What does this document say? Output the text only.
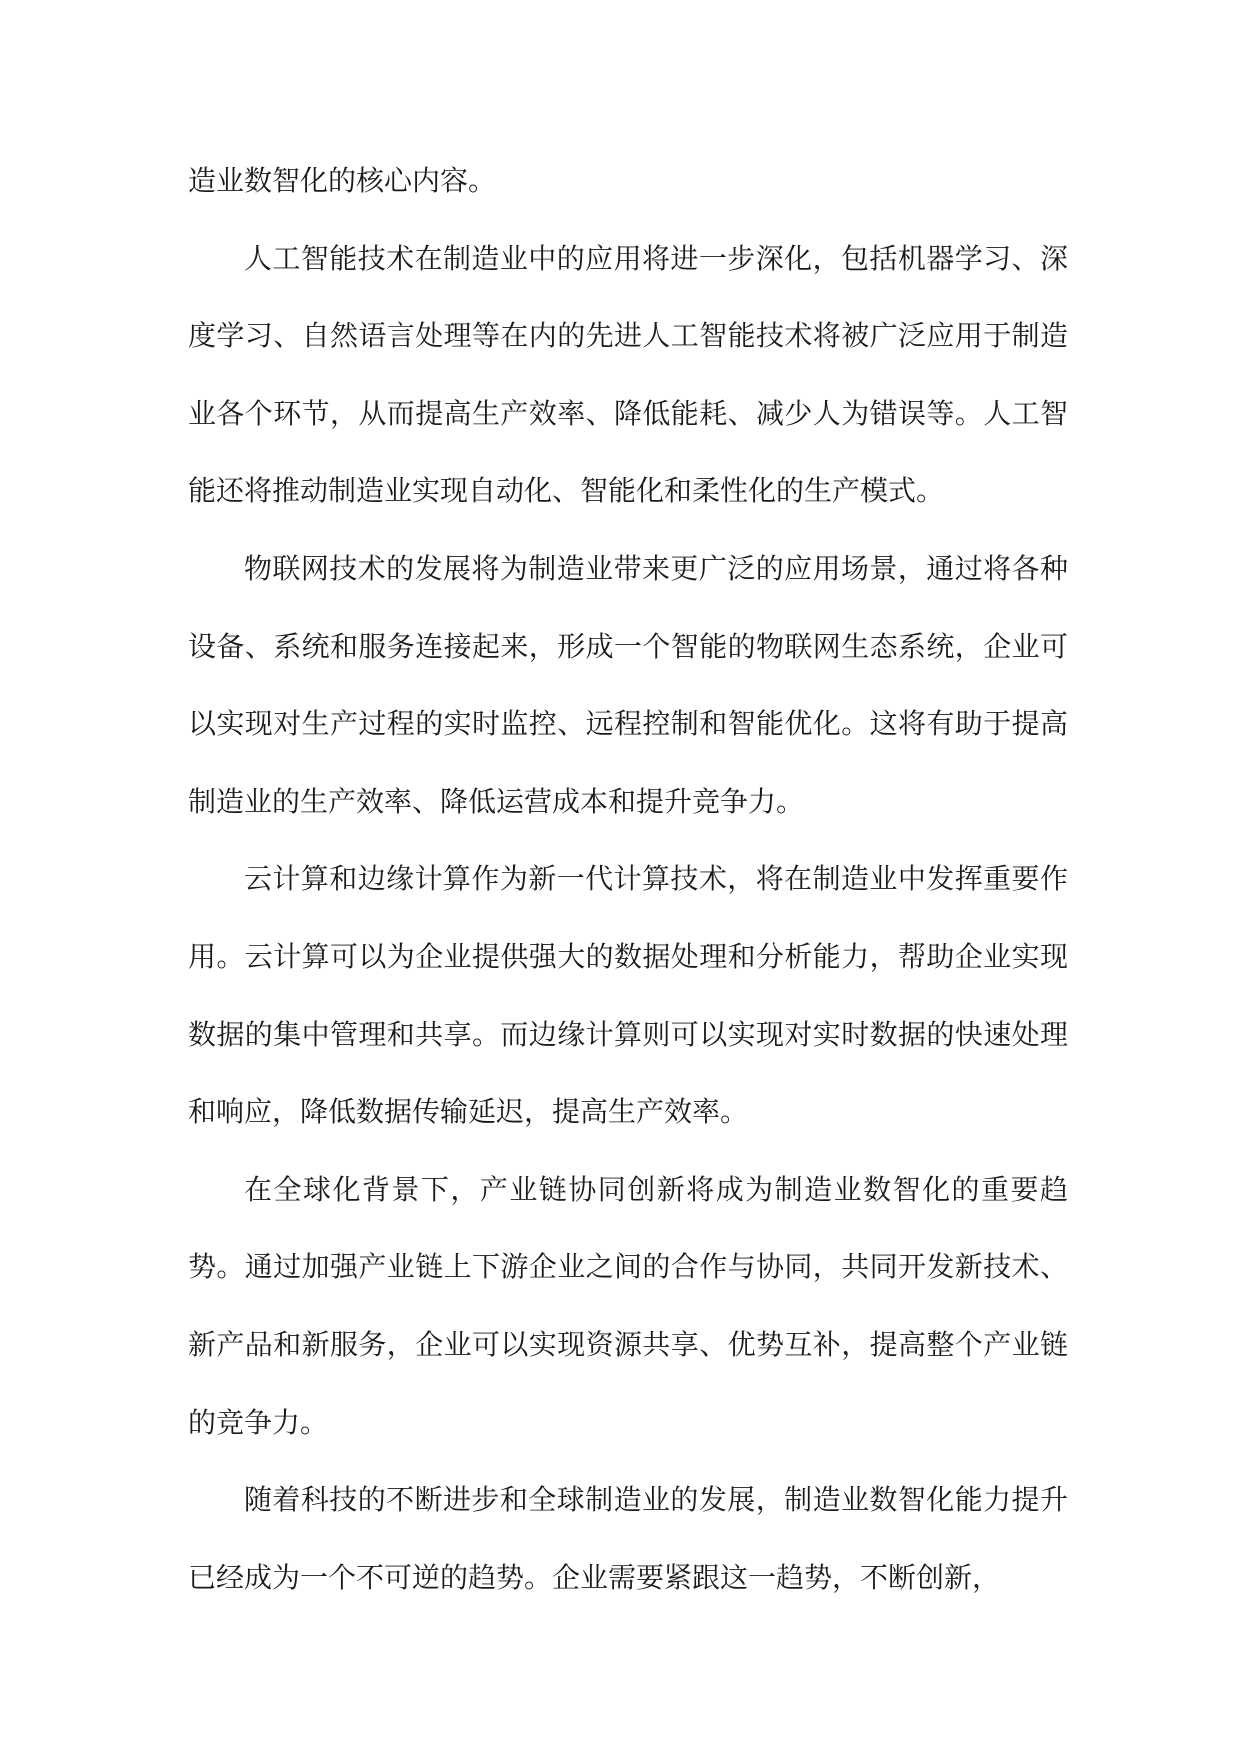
造业数智化的核心内容。

人工智能技术在制造业中的应用将进一步深化，包括机器学习、深度学习、自然语言处理等在内的先进人工智能技术将被广泛应用于制造业各个环节，从而提高生产效率、降低能耗、减少人为错误等。人工智能还将推动制造业实现自动化、智能化和柔性化的生产模式。

物联网技术的发展将为制造业带来更广泛的应用场景，通过将各种设备、系统和服务连接起来，形成一个智能的物联网生态系统，企业可以实现对生产过程的实时监控、远程控制和智能优化。这将有助于提高制造业的生产效率、降低运营成本和提升竞争力。

云计算和边缘计算作为新一代计算技术，将在制造业中发挥重要作用。云计算可以为企业提供强大的数据处理和分析能力，帮助企业实现数据的集中管理和共享。而边缘计算则可以实现对实时数据的快速处理和响应，降低数据传输延迟，提高生产效率。

在全球化背景下，产业链协同创新将成为制造业数智化的重要趋势。通过加强产业链上下游企业之间的合作与协同，共同开发新技术、新产品和新服务，企业可以实现资源共享、优势互补，提高整个产业链的竞争力。

随着科技的不断进步和全球制造业的发展，制造业数智化能力提升已经成为一个不可逆的趋势。企业需要紧跟这一趋势，不断创新，
